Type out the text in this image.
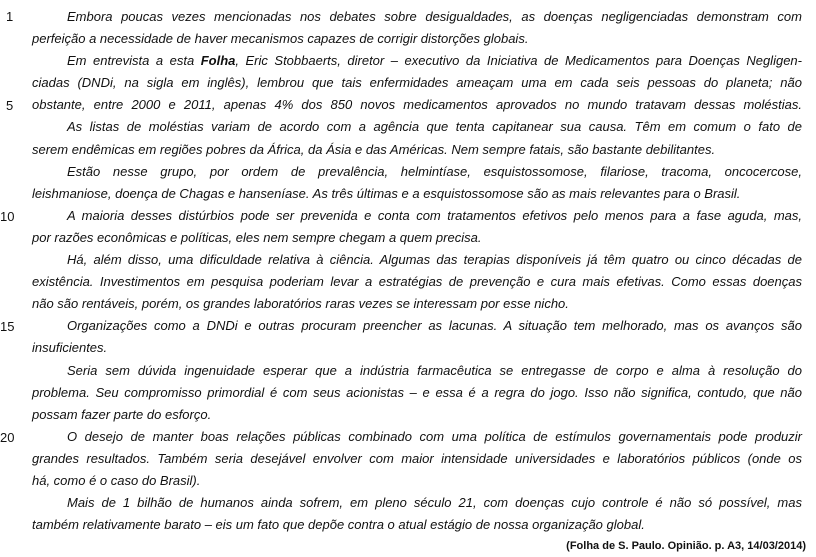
1
5
10
15
20
Embora poucas vezes mencionadas nos debates sobre desigualdades, as doenças negligenciadas demonstram com
perfeição a necessidade de haver mecanismos capazes de corrigir distorções globais.
Em entrevista a esta Folha, Eric Stobbaerts, diretor – executivo da Iniciativa de Medicamentos para Doenças Negligen-
ciadas (DNDi, na sigla em inglês), lembrou que tais enfermidades ameaçam uma em cada seis pessoas do planeta; não
obstante, entre 2000 e 2011, apenas 4% dos 850 novos medicamentos aprovados no mundo tratavam dessas moléstias.
As listas de moléstias variam de acordo com a agência que tenta capitanear sua causa. Têm em comum o fato de
serem endêmicas em regiões pobres da África, da Ásia e das Américas. Nem sempre fatais, são bastante debilitantes.
Estão nesse grupo, por ordem de prevalência, helmintíase, esquistossomose, filariose, tracoma, oncocercose,
leishmaniose, doença de Chagas e hanseníase. As três últimas e a esquistossomose são as mais relevantes para o Brasil.
A maioria desses distúrbios pode ser prevenida e conta com tratamentos efetivos pelo menos para a fase aguda, mas,
por razões econômicas e políticas, eles nem sempre chegam a quem precisa.
Há, além disso, uma dificuldade relativa à ciência. Algumas das terapias disponíveis já têm quatro ou cinco décadas de
existência. Investimentos em pesquisa poderiam levar a estratégias de prevenção e cura mais efetivas. Como essas doenças
não são rentáveis, porém, os grandes laboratórios raras vezes se interessam por esse nicho.
Organizações como a DNDi e outras procuram preencher as lacunas. A situação tem melhorado, mas os avanços são
insuficientes.
Seria sem dúvida ingenuidade esperar que a indústria farmacêutica se entregasse de corpo e alma à resolução do
problema. Seu compromisso primordial é com seus acionistas – e essa é a regra do jogo. Isso não significa, contudo, que não
possam fazer parte do esforço.
O desejo de manter boas relações públicas combinado com uma política de estímulos governamentais pode produzir
grandes resultados. Também seria desejável envolver com maior intensidade universidades e laboratórios públicos (onde os
há, como é o caso do Brasil).
Mais de 1 bilhão de humanos ainda sofrem, em pleno século 21, com doenças cujo controle é não só possível, mas
também relativamente barato – eis um fato que depõe contra o atual estágio de nossa organização global.
(Folha de S. Paulo. Opinião. p. A3, 14/03/2014)
